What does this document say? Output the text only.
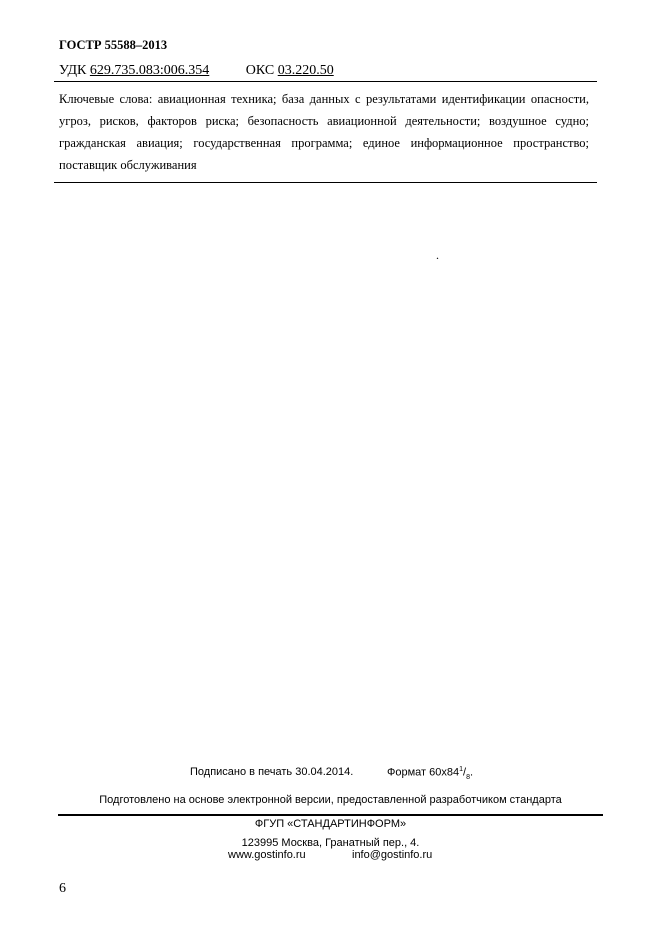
ГОСТР 55588–2013
УДК 629.735.083:006.354	ОКС 03.220.50

Ключевые слова: авиационная техника; база данных с результатами идентификации опасности, угроз, рисков, факторов риска; безопасность авиационной деятельности; воздушное судно; гражданская авиация; государственная программа; единое информационное пространство; поставщик обслуживания

.
Подписано в печать 30.04.2014.	Формат $60x84^1/_8$.
Подготовлено на основе электронной версии, предоставленной разработчиком стандарта
ФГУП «СТАНДАРТИНФОРМ»
123995 Москва, Гранатный пер., 4.
www.gostinfo.ru	info@gostinfo.ru
6
